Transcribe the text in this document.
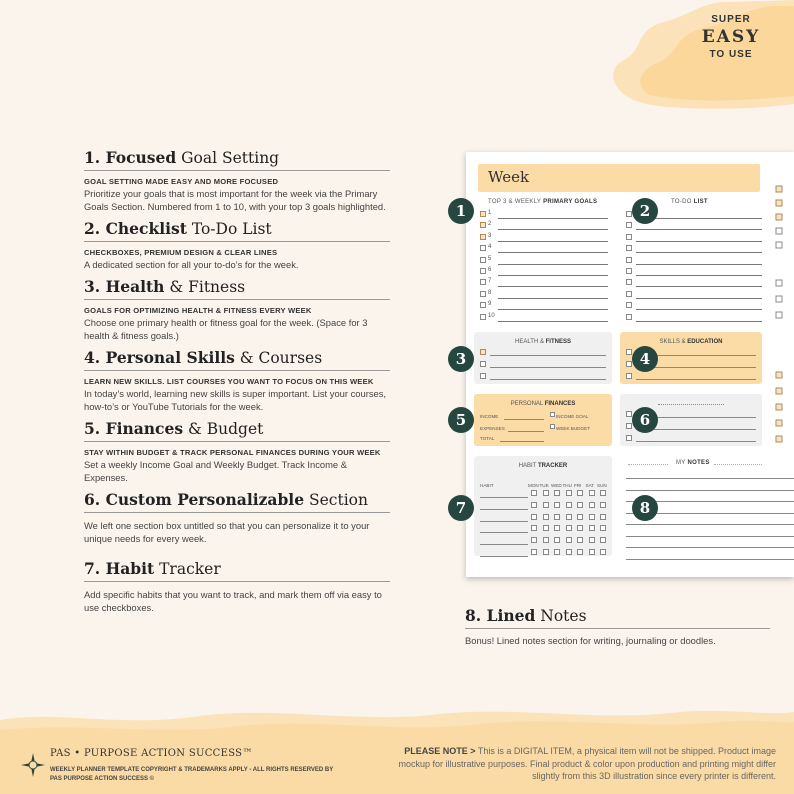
SUPER
EASY
TO USE
1. Focused Goal Setting
GOAL SETTING MADE EASY AND MORE FOCUSED
Prioritize your goals that is most important for the week via the Primary Goals Section. Numbered from 1 to 10, with your top 3 goals highlighted.
2. Checklist To-Do List
CHECKBOXES, PREMIUM DESIGN & CLEAR LINES
A dedicated section for all your to-do’s for the week.
3. Health & Fitness
GOALS FOR OPTIMIZING HEALTH & FITNESS EVERY WEEK
Choose one primary health or fitness goal for the week. (Space for 3 health & fitness goals.)
4. Personal Skills & Courses
LEARN NEW SKILLS. LIST COURSES YOU WANT TO FOCUS ON THIS WEEK
In today’s world, learning new skills is super important. List your courses, how-to’s or YouTube Tutorials for the week.
5. Finances & Budget
STAY WITHIN BUDGET & TRACK PERSONAL FINANCES DURING YOUR WEEK
Set a weekly Income Goal and Weekly Budget. Track Income & Expenses.
6. Custom Personalizable Section
We left one section box untitled so that you can personalize it to your unique needs for every week.
7. Habit Tracker
Add specific habits that you want to track, and mark them off via easy to use checkboxes.	8. Lined Notes
Bonus! Lined notes section for writing, journaling or doodles.
Week
TOP 3 & WEEKLY PRIMARY GOALS	TO-DO LIST
1
2
3
4
5
6
7
8
9
10
HEALTH & FITNESS	SKILLS & EDUCATION
PERSONAL FINANCES
INCOME
EXPENSES
TOTAL
INCOME GOAL
WEEK BUDGET
HABIT TRACKER
HABIT	MON TUE WED THU FRI SAT SUN
MY NOTES
1	2
3	4
5	6
7	8
PAS • PURPOSE ACTION SUCCESS™
WEEKLY PLANNER TEMPLATE COPYRIGHT & TRADEMARKS APPLY - ALL RIGHTS RESERVED BY PAS PURPOSE ACTION SUCCESS ©
PLEASE NOTE > This is a DIGITAL ITEM, a physical item will not be shipped. Product image mockup for illustrative purposes. Final product & color upon production and printing might differ slightly from this 3D illustration since every printer is different.
